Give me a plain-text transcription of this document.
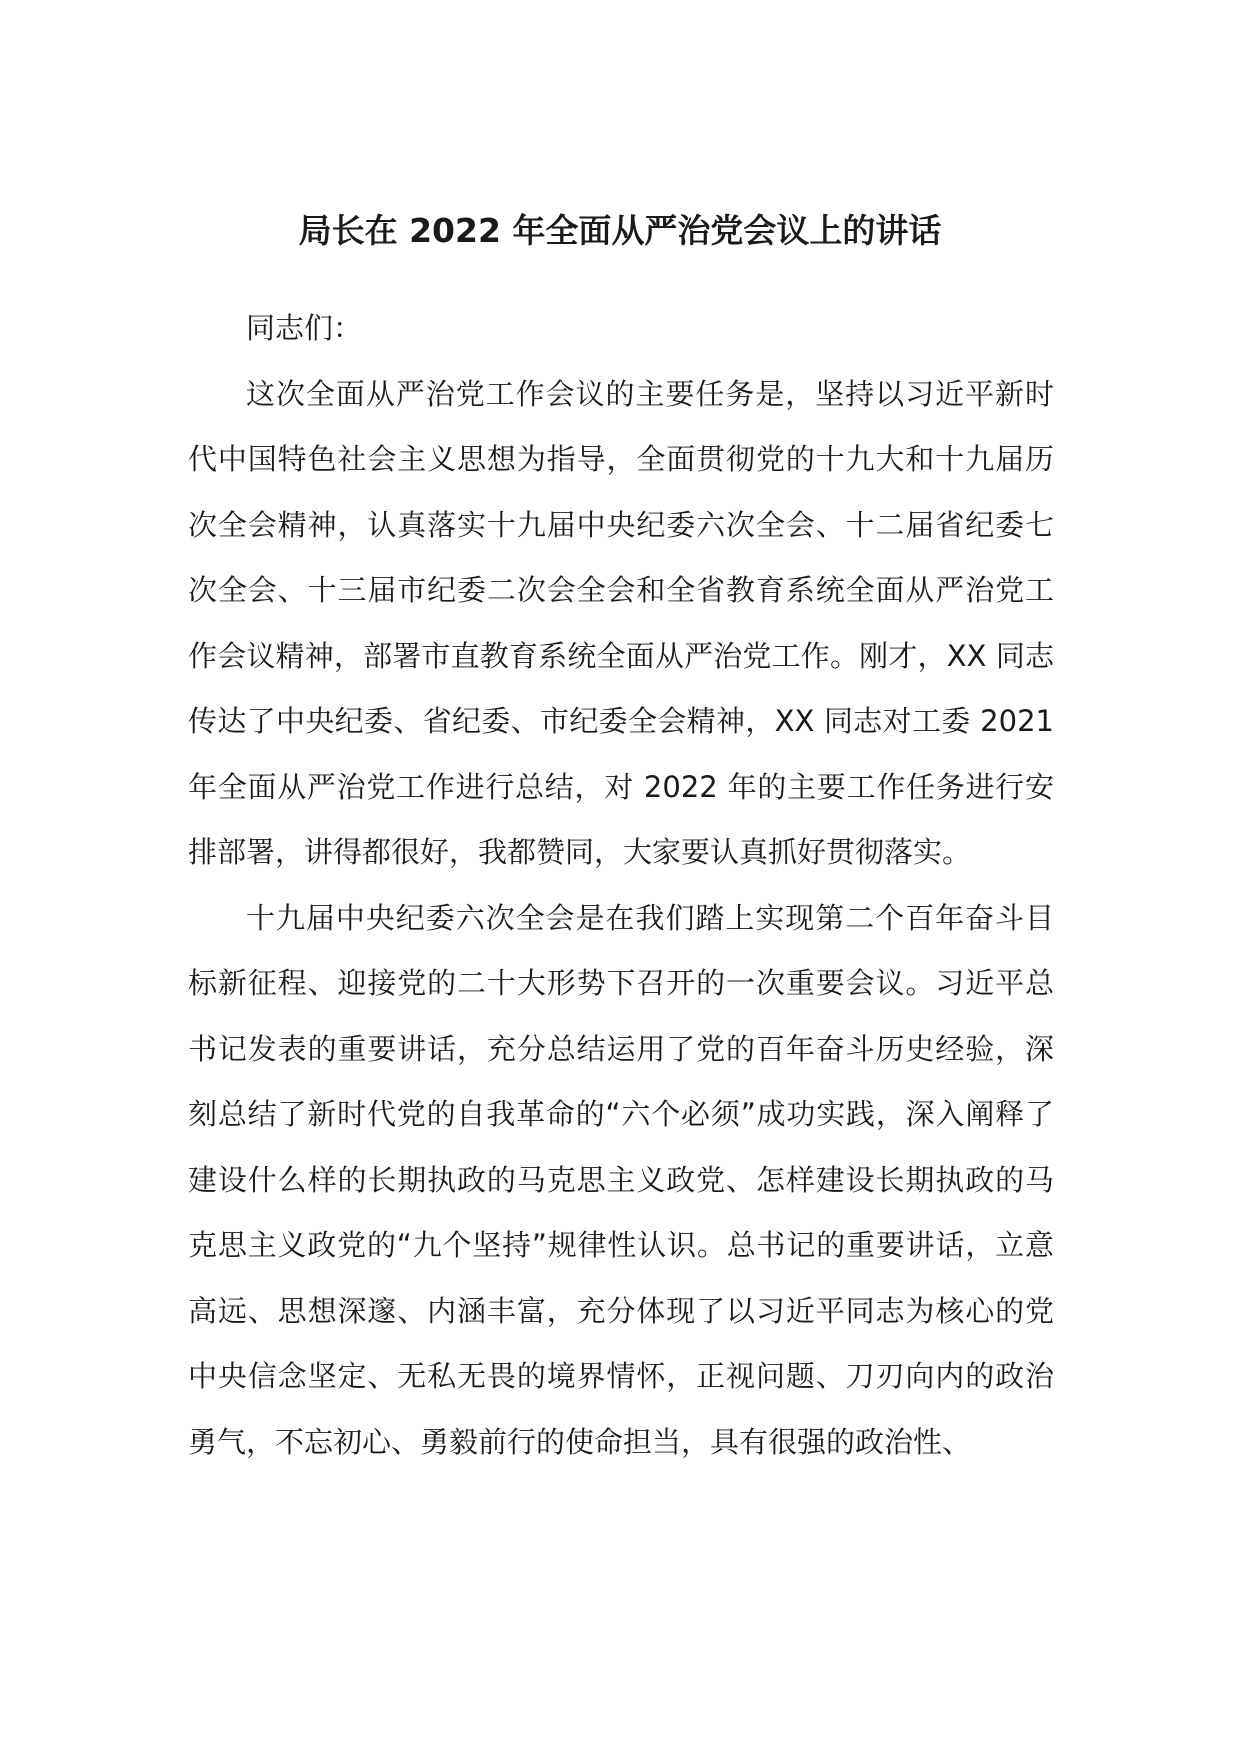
局长在 2022 年全面从严治党会议上的讲话

同志们：

这次全面从严治党工作会议的主要任务是，坚持以习近平新时代中国特色社会主义思想为指导，全面贯彻党的十九大和十九届历次全会精神，认真落实十九届中央纪委六次全会、十二届省纪委七次全会、十三届市纪委二次会全会和全省教育系统全面从严治党工作会议精神，部署市直教育系统全面从严治党工作。刚才，XX 同志传达了中央纪委、省纪委、市纪委全会精神，XX 同志对工委 2021 年全面从严治党工作进行总结，对 2022 年的主要工作任务进行安排部署，讲得都很好，我都赞同，大家要认真抓好贯彻落实。

十九届中央纪委六次全会是在我们踏上实现第二个百年奋斗目标新征程、迎接党的二十大形势下召开的一次重要会议。习近平总书记发表的重要讲话，充分总结运用了党的百年奋斗历史经验，深刻总结了新时代党的自我革命的“六个必须”成功实践，深入阐释了建设什么样的长期执政的马克思主义政党、怎样建设长期执政的马克思主义政党的“九个坚持”规律性认识。总书记的重要讲话，立意高远、思想深邃、内涵丰富，充分体现了以习近平同志为核心的党中央信念坚定、无私无畏的境界情怀，正视问题、刀刃向内的政治勇气，不忘初心、勇毅前行的使命担当，具有很强的政治性、
